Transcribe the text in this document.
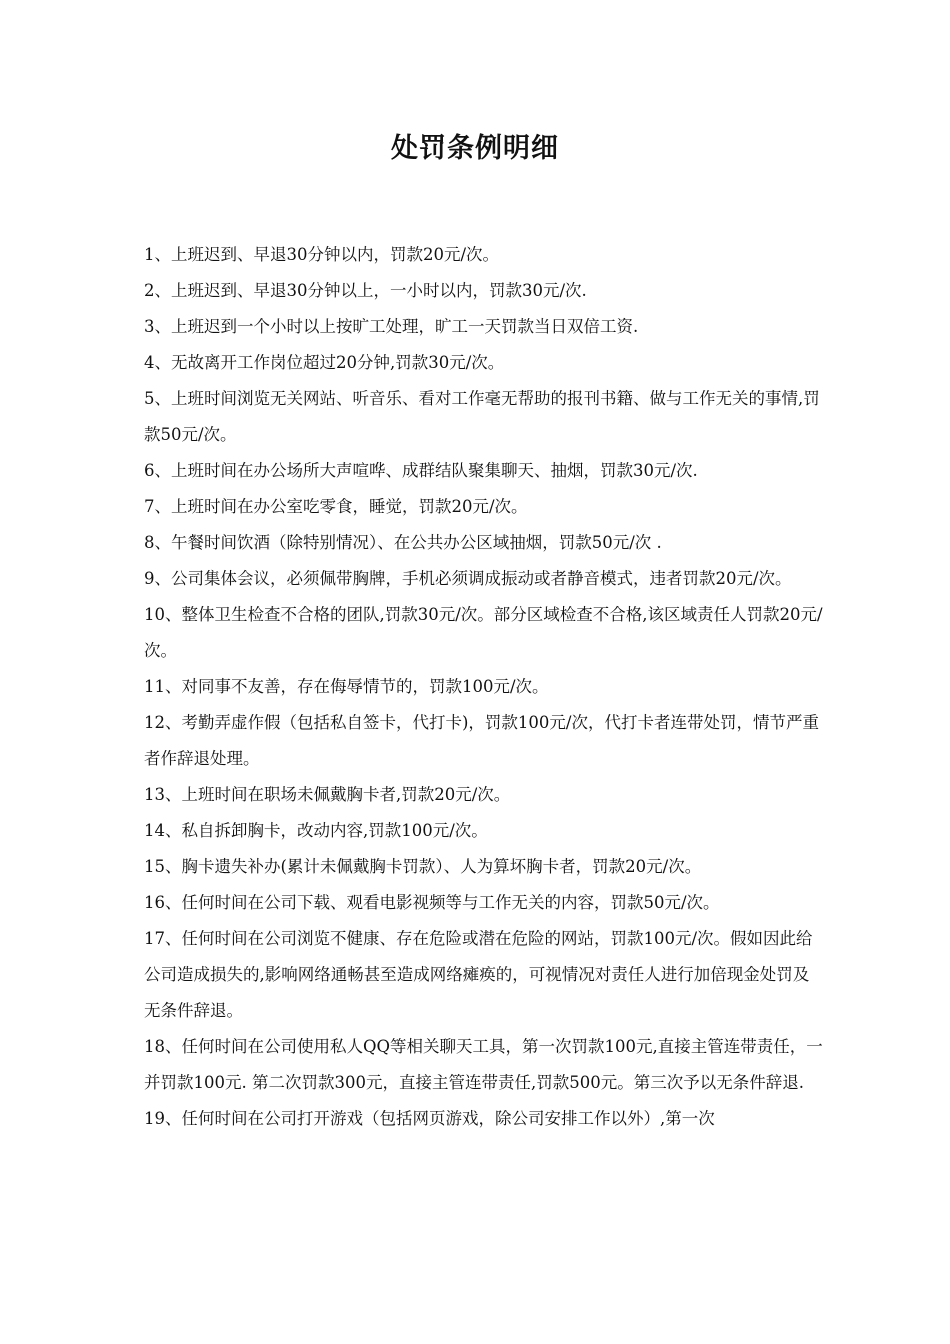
处罚条例明细
1、上班迟到、早退30分钟以内，罚款20元/次。
2、上班迟到、早退30分钟以上，一小时以内，罚款30元/次.
3、上班迟到一个小时以上按旷工处理，旷工一天罚款当日双倍工资.
4、无故离开工作岗位超过20分钟,罚款30元/次。
5、上班时间浏览无关网站、听音乐、看对工作毫无帮助的报刊书籍、做与工作无关的事情,罚款50元/次。
6、上班时间在办公场所大声喧哗、成群结队聚集聊天、抽烟，罚款30元/次.
7、上班时间在办公室吃零食，睡觉，罚款20元/次。
8、午餐时间饮酒（除特别情况）、在公共办公区域抽烟，罚款50元/次 .
9、公司集体会议，必须佩带胸牌，手机必须调成振动或者静音模式，违者罚款20元/次。
10、整体卫生检查不合格的团队,罚款30元/次。部分区域检查不合格,该区域责任人罚款20元/次。
11、对同事不友善，存在侮辱情节的，罚款100元/次。
12、考勤弄虚作假（包括私自签卡，代打卡)，罚款100元/次，代打卡者连带处罚，情节严重者作辞退处理。
13、上班时间在职场未佩戴胸卡者,罚款20元/次。
14、私自拆卸胸卡，改动内容,罚款100元/次。
15、胸卡遗失补办(累计未佩戴胸卡罚款）、人为算坏胸卡者，罚款20元/次。
16、任何时间在公司下载、观看电影视频等与工作无关的内容，罚款50元/次。
17、任何时间在公司浏览不健康、存在危险或潜在危险的网站，罚款100元/次。假如因此给公司造成损失的,影响网络通畅甚至造成网络瘫痪的，可视情况对责任人进行加倍现金处罚及无条件辞退。
18、任何时间在公司使用私人QQ等相关聊天工具，第一次罚款100元,直接主管连带责任，一并罚款100元. 第二次罚款300元，直接主管连带责任,罚款500元。第三次予以无条件辞退.
19、任何时间在公司打开游戏（包括网页游戏，除公司安排工作以外）,第一次
